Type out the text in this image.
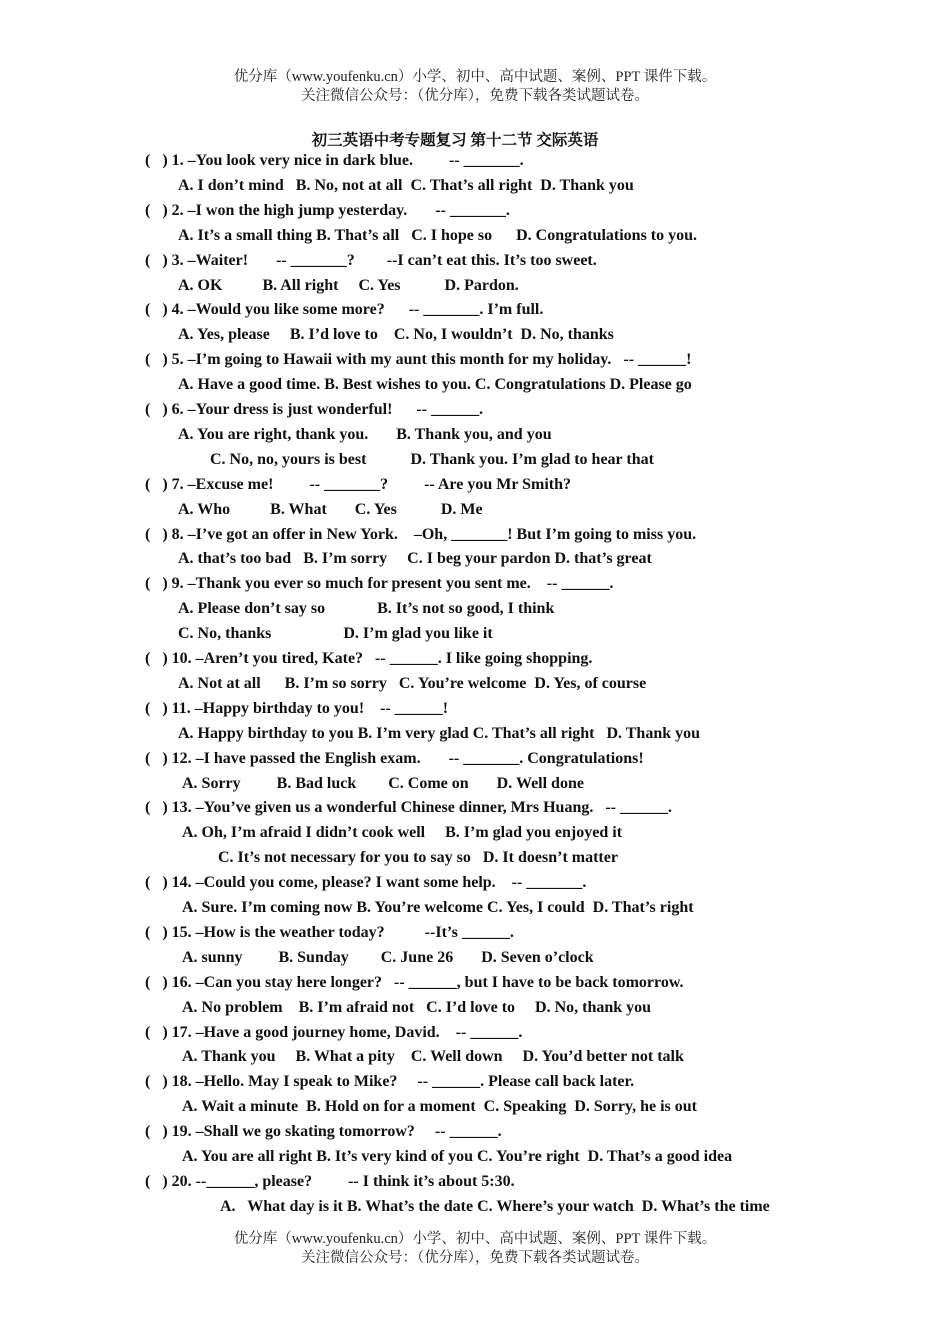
优分库（www.youfenku.cn）小学、初中、高中试题、案例、PPT 课件下载。
关注微信公众号：（优分库），免费下载各类试题试卷。
初三英语中考专题复习 第十二节 交际英语
(   ) 1. –You look very nice in dark blue.         -- _______.
A. I don’t mind   B. No, not at all  C. That’s all right  D. Thank you
(   ) 2. –I won the high jump yesterday.       -- _______.
A. It’s a small thing B. That’s all   C. I hope so      D. Congratulations to you.
(   ) 3. –Waiter!       -- _______?        --I can’t eat this. It’s too sweet.
A. OK          B. All right     C. Yes           D. Pardon.
(   ) 4. –Would you like some more?      -- _______. I’m full.
A. Yes, please     B. I’d love to    C. No, I wouldn’t  D. No, thanks
(   ) 5. –I’m going to Hawaii with my aunt this month for my holiday.   -- ______!
A. Have a good time. B. Best wishes to you. C. Congratulations D. Please go
(   ) 6. –Your dress is just wonderful!      -- ______.
A. You are right, thank you.       B. Thank you, and you
C. No, no, yours is best           D. Thank you. I’m glad to hear that
(   ) 7. –Excuse me!         -- _______?         -- Are you Mr Smith?
A. Who          B. What       C. Yes           D. Me
(   ) 8. –I’ve got an offer in New York.    –Oh, _______! But I’m going to miss you.
A. that’s too bad   B. I’m sorry     C. I beg your pardon D. that’s great
(   ) 9. –Thank you ever so much for present you sent me.    -- ______.
A. Please don’t say so             B. It’s not so good, I think
C. No, thanks                  D. I’m glad you like it
(   ) 10. –Aren’t you tired, Kate?   -- ______. I like going shopping.
A. Not at all      B. I’m so sorry   C. You’re welcome  D. Yes, of course
(   ) 11. –Happy birthday to you!    -- ______!
A. Happy birthday to you B. I’m very glad C. That’s all right   D. Thank you
(   ) 12. –I have passed the English exam.       -- _______. Congratulations!
A. Sorry         B. Bad luck        C. Come on       D. Well done
(   ) 13. –You’ve given us a wonderful Chinese dinner, Mrs Huang.   -- ______.
A. Oh, I’m afraid I didn’t cook well     B. I’m glad you enjoyed it
C. It’s not necessary for you to say so   D. It doesn’t matter
(   ) 14. –Could you come, please? I want some help.    -- _______.
A. Sure. I’m coming now B. You’re welcome C. Yes, I could  D. That’s right
(   ) 15. –How is the weather today?          --It’s ______.
A. sunny         B. Sunday        C. June 26       D. Seven o’clock
(   ) 16. –Can you stay here longer?   -- ______, but I have to be back tomorrow.
A. No problem    B. I’m afraid not   C. I’d love to     D. No, thank you
(   ) 17. –Have a good journey home, David.    -- ______.
A. Thank you     B. What a pity    C. Well down     D. You’d better not talk
(   ) 18. –Hello. May I speak to Mike?     -- ______. Please call back later.
A. Wait a minute  B. Hold on for a moment  C. Speaking  D. Sorry, he is out
(   ) 19. –Shall we go skating tomorrow?     -- ______.
A. You are all right B. It’s very kind of you C. You’re right  D. That’s a good idea
(   ) 20. --______, please?         -- I think it’s about 5:30.
A.   What day is it B. What’s the date C. Where’s your watch  D. What’s the time
优分库（www.youfenku.cn）小学、初中、高中试题、案例、PPT 课件下载。
关注微信公众号：（优分库），免费下载各类试题试卷。
